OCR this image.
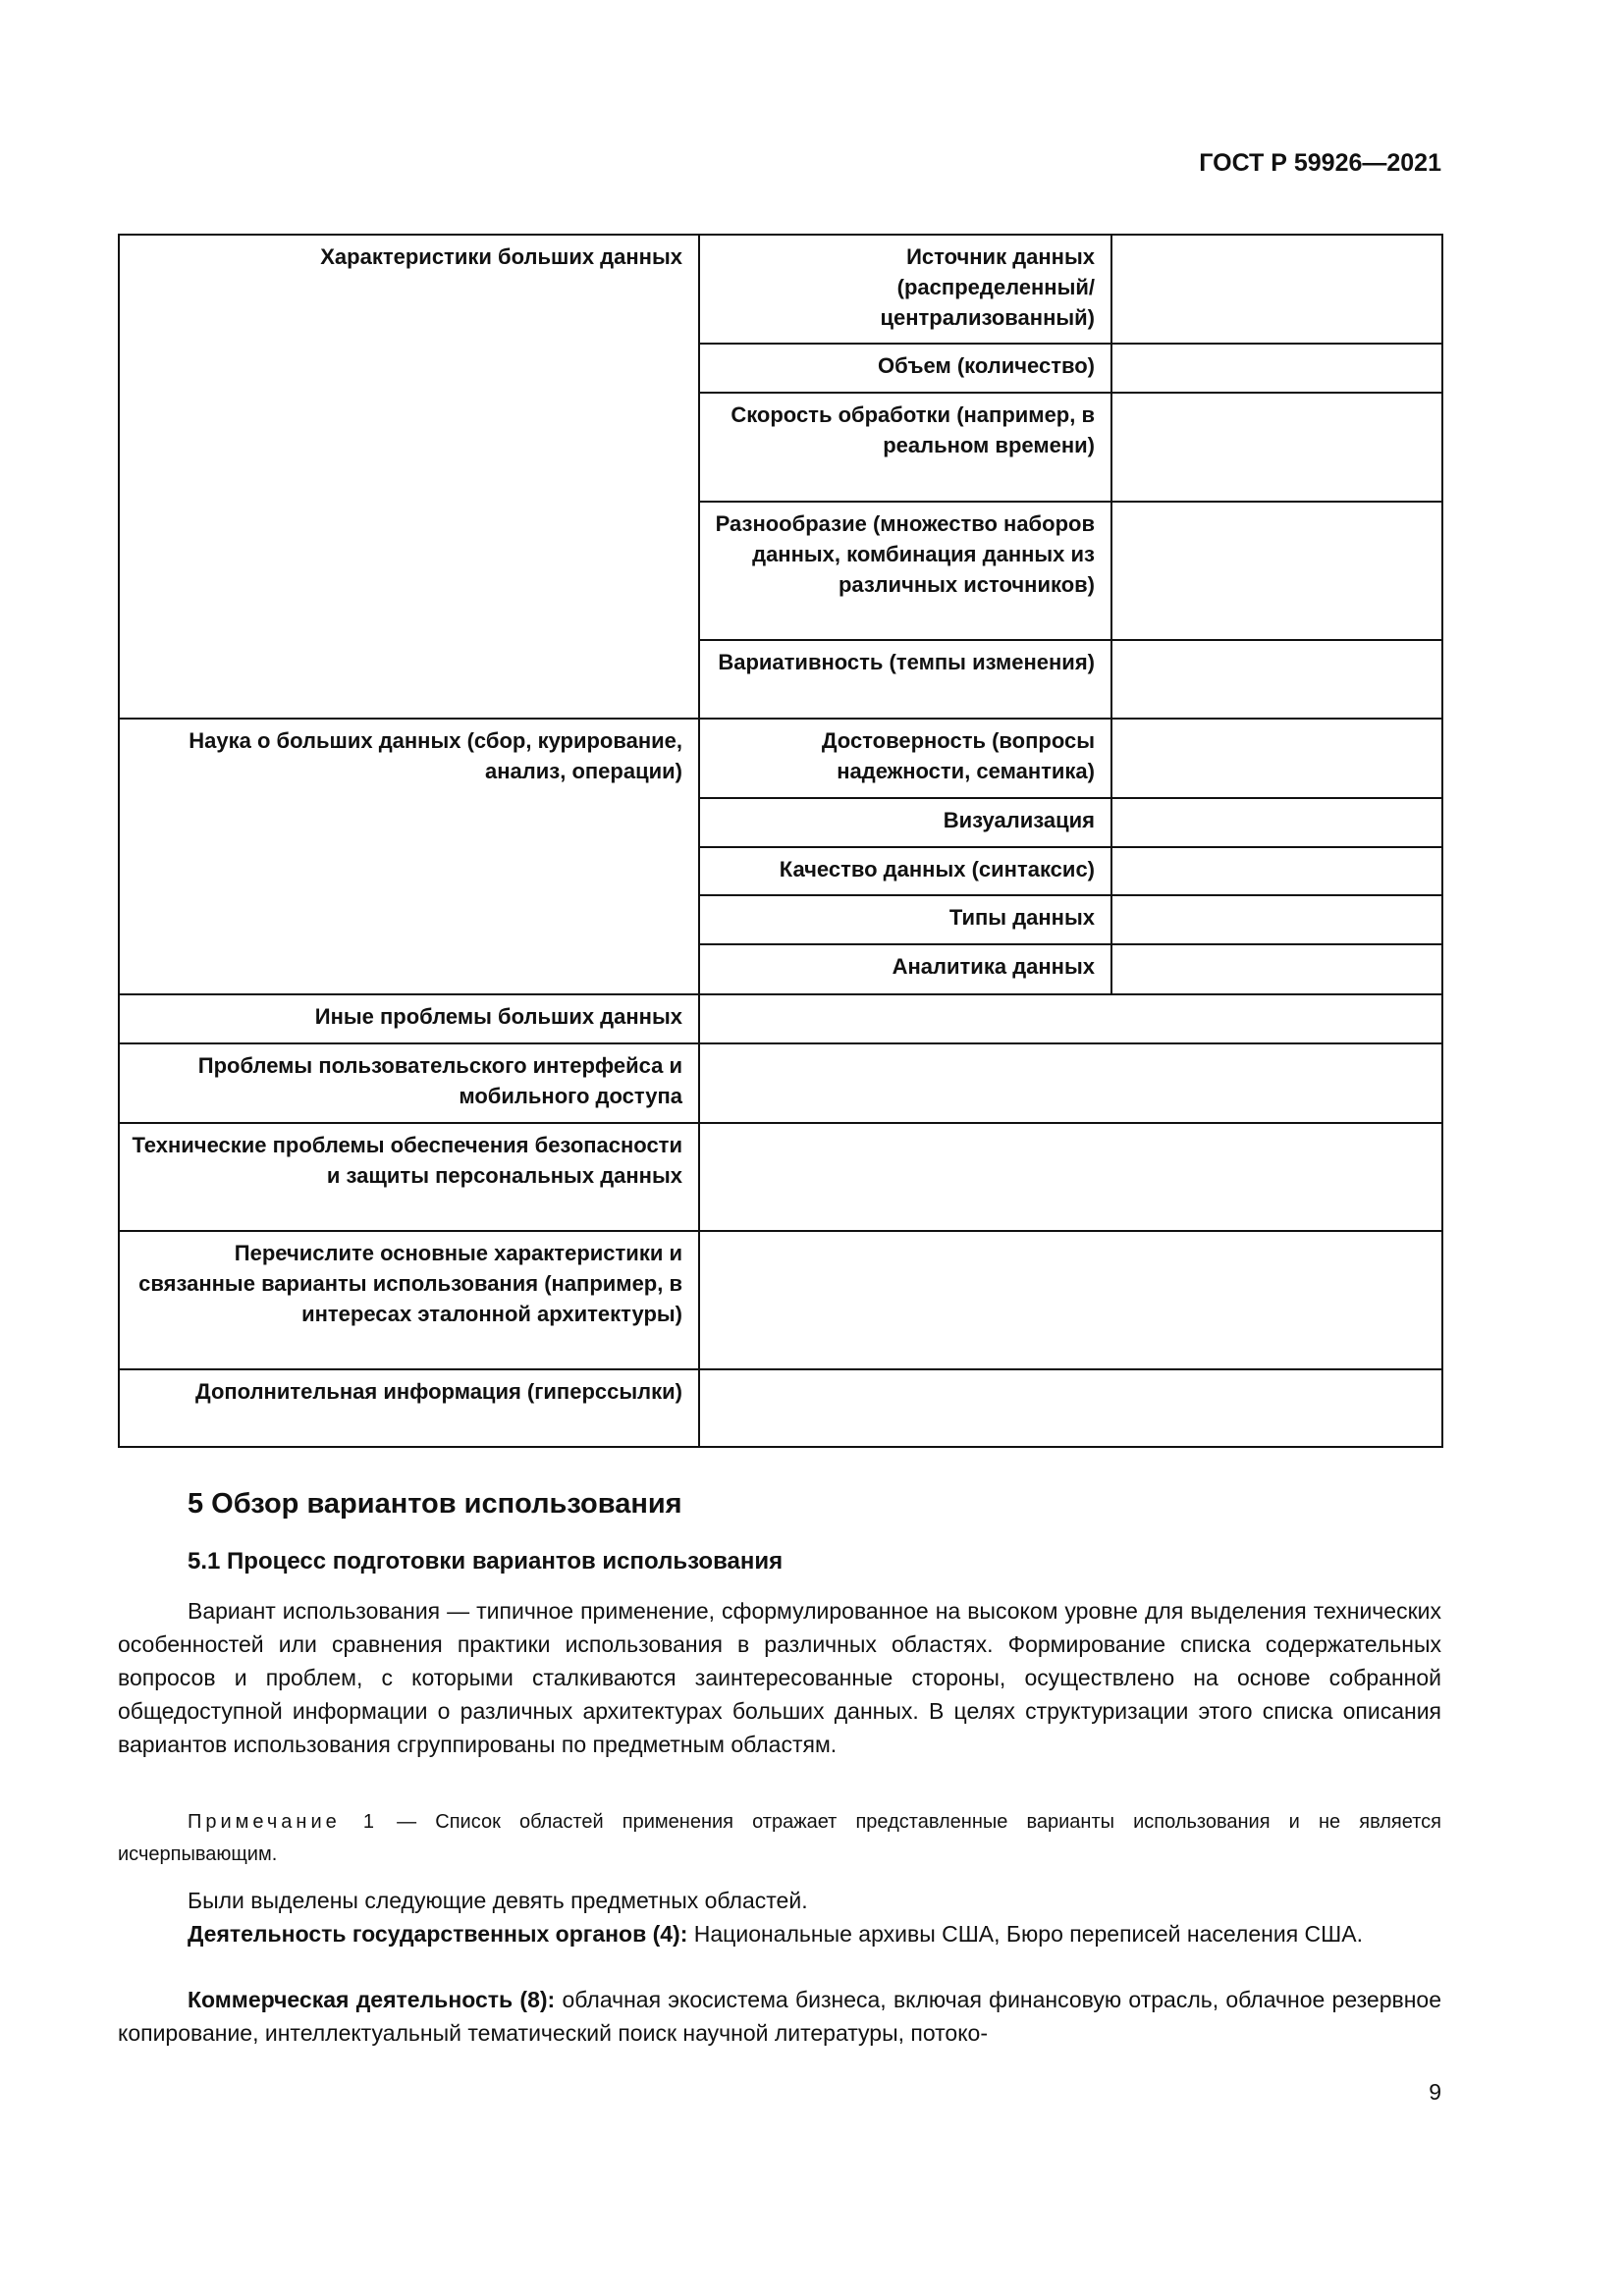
ГОСТ Р 59926—2021
Характеристики больших данных	Источник данных (распределенный/ централизованный)	
	Объем (количество)	
	Скорость обработки (например, в реальном времени)	
	Разнообразие (множество наборов данных, комбинация данных из различных источников)	
	Вариативность (темпы изменения)	
Наука о больших данных (сбор, курирование, анализ, операции)	Достоверность (вопросы надежности, семантика)	
	Визуализация	
	Качество данных (синтаксис)	
	Типы данных	
	Аналитика данных	
Иные проблемы больших данных		
Проблемы пользовательского интерфейса и мобильного доступа		
Технические проблемы обеспечения безопасности и защиты персональных данных		
Перечислите основные характеристики и связанные варианты использования (например, в интересах эталонной архитектуры)		
Дополнительная информация (гиперссылки)		
5 Обзор вариантов использования
5.1 Процесс подготовки вариантов использования
Вариант использования — типичное применение, сформулированное на высоком уровне для выделения технических особенностей или сравнения практики использования в различных областях. Формирование списка содержательных вопросов и проблем, с которыми сталкиваются заинтересованные стороны, осуществлено на основе собранной общедоступной информации о различных архитектурах больших данных. В целях структуризации этого списка описания вариантов использования сгруппированы по предметным областям.
Примечание 1 — Список областей применения отражает представленные варианты использования и не является исчерпывающим.
Были выделены следующие девять предметных областей.
Деятельность государственных органов (4): Национальные архивы США, Бюро переписей населения США.
Коммерческая деятельность (8): облачная экосистема бизнеса, включая финансовую отрасль, облачное резервное копирование, интеллектуальный тематический поиск научной литературы, потоко-
9
